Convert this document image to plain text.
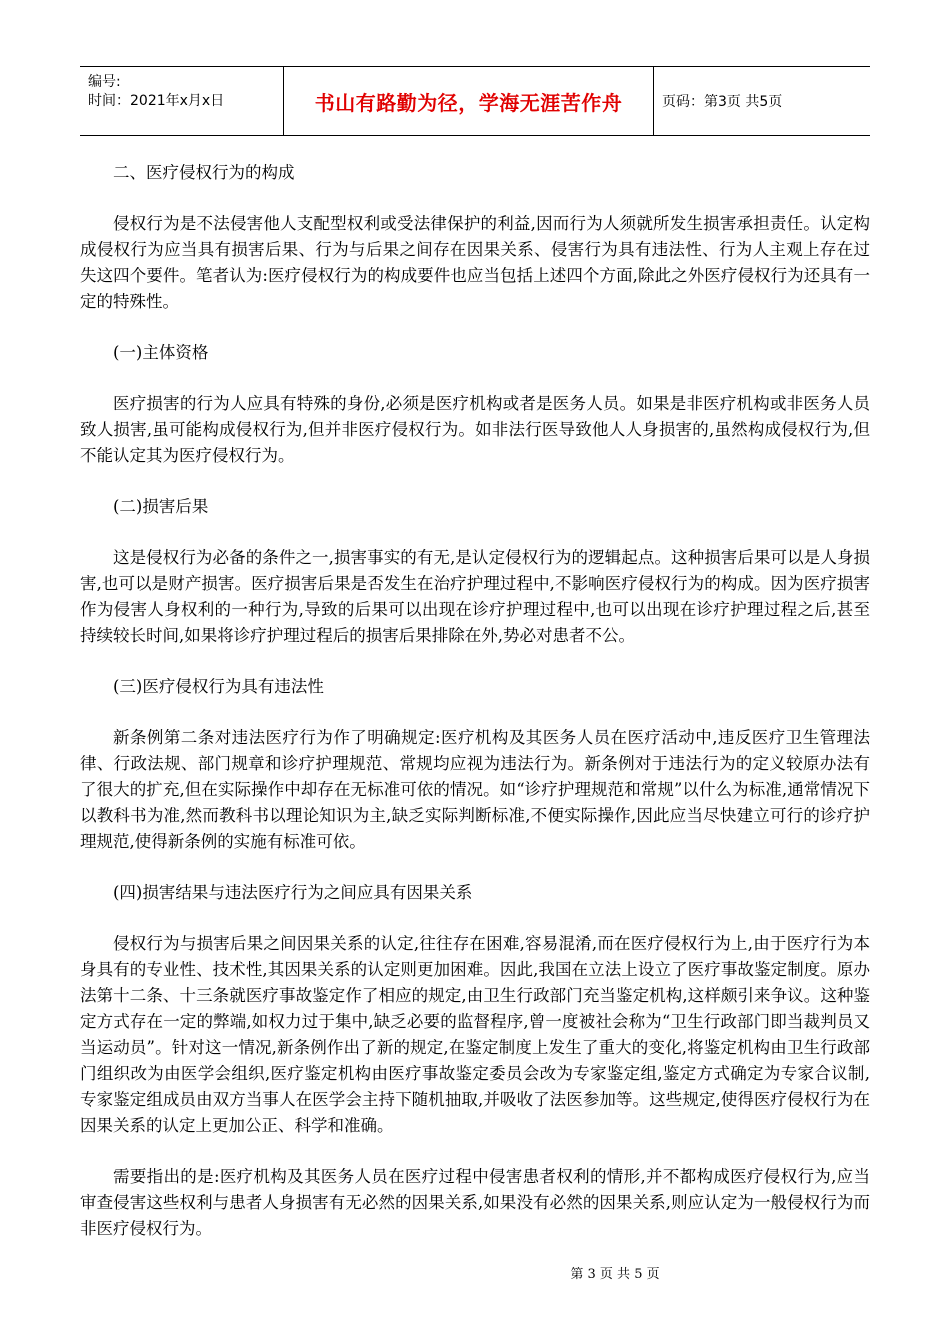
编号:
时间：2021年x月x日	书山有路勤为径，学海无涯苦作舟	页码：第3页 共5页

二、医疗侵权行为的构成

侵权行为是不法侵害他人支配型权利或受法律保护的利益,因而行为人须就所发生损害承担责任。认定构成侵权行为应当具有损害后果、行为与后果之间存在因果关系、侵害行为具有违法性、行为人主观上存在过失这四个要件。笔者认为:医疗侵权行为的构成要件也应当包括上述四个方面,除此之外医疗侵权行为还具有一定的特殊性。

(一)主体资格

医疗损害的行为人应具有特殊的身份,必须是医疗机构或者是医务人员。如果是非医疗机构或非医务人员致人损害,虽可能构成侵权行为,但并非医疗侵权行为。如非法行医导致他人人身损害的,虽然构成侵权行为,但不能认定其为医疗侵权行为。

(二)损害后果

这是侵权行为必备的条件之一,损害事实的有无,是认定侵权行为的逻辑起点。这种损害后果可以是人身损害,也可以是财产损害。医疗损害后果是否发生在治疗护理过程中,不影响医疗侵权行为的构成。因为医疗损害作为侵害人身权利的一种行为,导致的后果可以出现在诊疗护理过程中,也可以出现在诊疗护理过程之后,甚至持续较长时间,如果将诊疗护理过程后的损害后果排除在外,势必对患者不公。

(三)医疗侵权行为具有违法性

新条例第二条对违法医疗行为作了明确规定:医疗机构及其医务人员在医疗活动中,违反医疗卫生管理法律、行政法规、部门规章和诊疗护理规范、常规均应视为违法行为。新条例对于违法行为的定义较原办法有了很大的扩充,但在实际操作中却存在无标准可依的情况。如“诊疗护理规范和常规”以什么为标准,通常情况下以教科书为准,然而教科书以理论知识为主,缺乏实际判断标准,不便实际操作,因此应当尽快建立可行的诊疗护理规范,使得新条例的实施有标准可依。

(四)损害结果与违法医疗行为之间应具有因果关系

侵权行为与损害后果之间因果关系的认定,往往存在困难,容易混淆,而在医疗侵权行为上,由于医疗行为本身具有的专业性、技术性,其因果关系的认定则更加困难。因此,我国在立法上设立了医疗事故鉴定制度。原办法第十二条、十三条就医疗事故鉴定作了相应的规定,由卫生行政部门充当鉴定机构,这样颇引来争议。这种鉴定方式存在一定的弊端,如权力过于集中,缺乏必要的监督程序,曾一度被社会称为“卫生行政部门即当裁判员又当运动员”。针对这一情况,新条例作出了新的规定,在鉴定制度上发生了重大的变化,将鉴定机构由卫生行政部门组织改为由医学会组织,医疗鉴定机构由医疗事故鉴定委员会改为专家鉴定组,鉴定方式确定为专家合议制,专家鉴定组成员由双方当事人在医学会主持下随机抽取,并吸收了法医参加等。这些规定,使得医疗侵权行为在因果关系的认定上更加公正、科学和准确。

需要指出的是:医疗机构及其医务人员在医疗过程中侵害患者权利的情形,并不都构成医疗侵权行为,应当审查侵害这些权利与患者人身损害有无必然的因果关系,如果没有必然的因果关系,则应认定为一般侵权行为而非医疗侵权行为。

第 3 页 共 5 页
